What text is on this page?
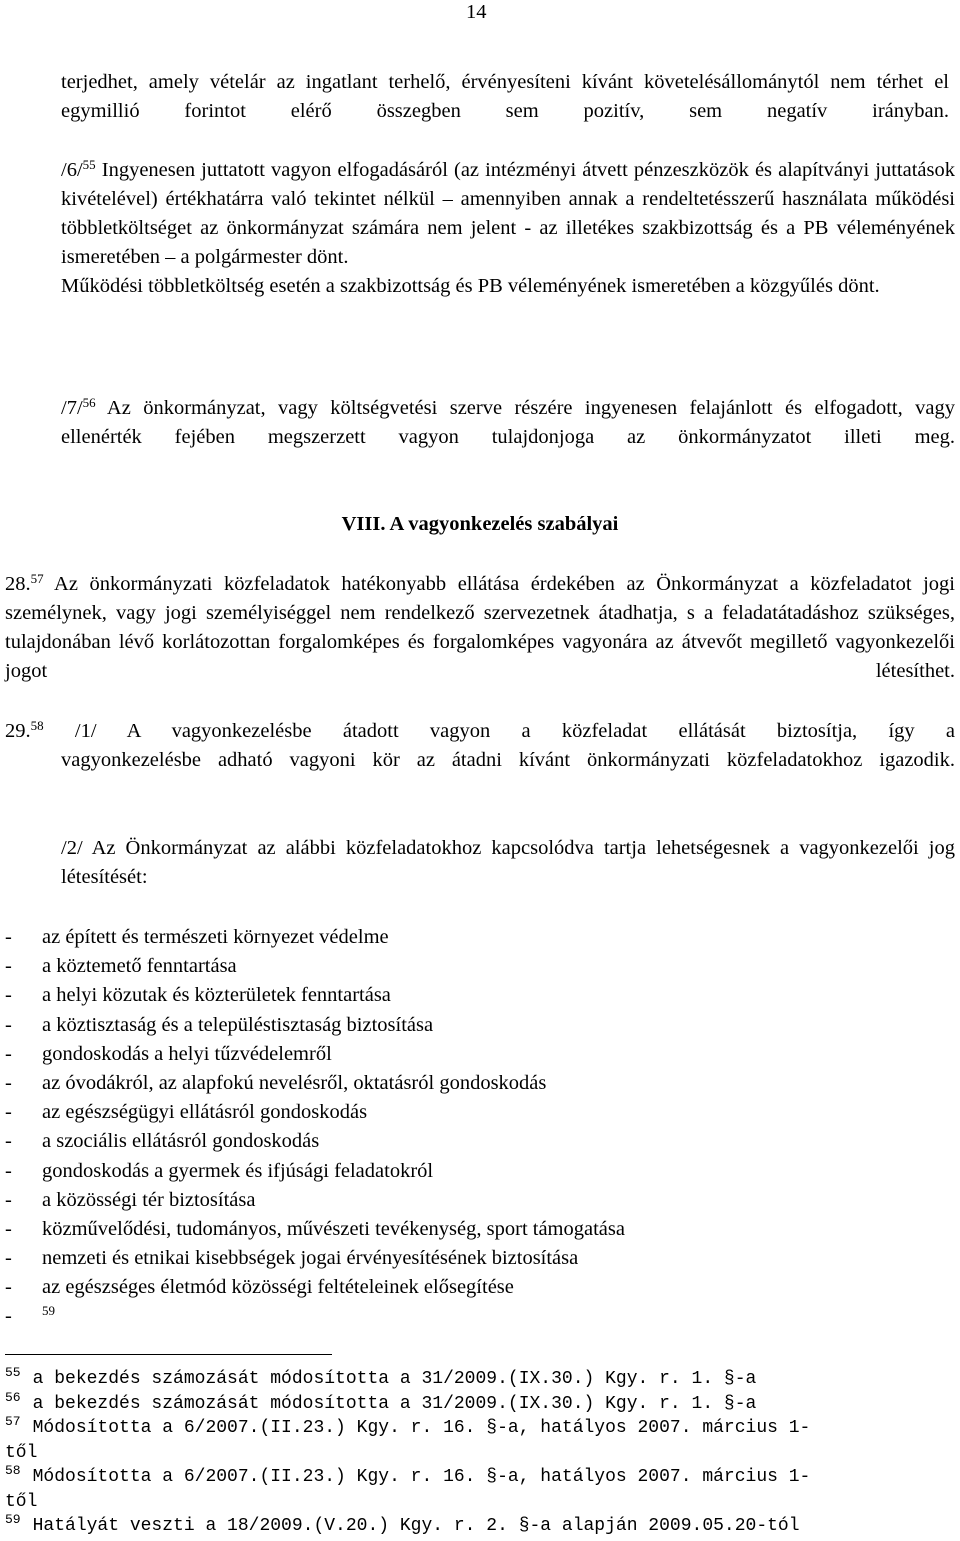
14
terjedhet, amely vételár az ingatlant terhelő, érvényesíteni kívánt követelésállománytól nem térhet el egymillió forintot elérő összegben sem pozitív, sem negatív irányban.

/6/$^{55}$ Ingyenesen juttatott vagyon elfogadásáról (az intézményi átvett pénzeszközök és alapítványi juttatások kivételével) értékhatárra való tekintet nélkül – amennyiben annak a rendeltetésszerű használata működési többletköltséget az önkormányzat számára nem jelent - az illetékes szakbizottság és a PB véleményének ismeretében – a polgármester dönt.

Működési többletköltség esetén a szakbizottság és PB véleményének ismeretében a közgyűlés dönt.

/7/$^{56}$ Az önkormányzat, vagy költségvetési szerve részére ingyenesen felajánlott és elfogadott, vagy ellenérték fejében megszerzett vagyon tulajdonjoga az önkormányzatot illeti meg.
VIII. A vagyonkezelés szabályai
28.57 Az önkormányzati közfeladatok hatékonyabb ellátása érdekében az Önkormányzat a közfeladatot jogi személynek, vagy jogi személyiséggel nem rendelkező szervezetnek átadhatja, s a feladatátadáshoz szükséges, tulajdonában lévő korlátozottan forgalomképes és forgalomképes vagyonára az átvevőt megillető vagyonkezelői jogot létesíthet.
29.58 /1/ A vagyonkezelésbe átadott vagyon a közfeladat ellátását biztosítja, így a
vagyonkezelésbe adható vagyoni kör az átadni kívánt önkormányzati közfeladatokhoz igazodik.
/2/ Az Önkormányzat az alábbi közfeladatokhoz kapcsolódva tartja lehetségesnek a vagyonkezelői jog létesítését:
- az épített és természeti környezet védelme
- a köztemető fenntartása
- a helyi közutak és közterületek fenntartása
- a köztisztaság és a településtisztaság biztosítása
- gondoskodás a helyi tűzvédelemről
- az óvodákról, az alapfokú nevelésről, oktatásról gondoskodás
- az egészségügyi ellátásról gondoskodás
- a szociális ellátásról gondoskodás
- gondoskodás a gyermek és ifjúsági feladatokról
- a közösségi tér biztosítása
- közművelődési, tudományos, művészeti tevékenység, sport támogatása
- nemzeti és etnikai kisebbségek jogai érvényesítésének biztosítása
- az egészséges életmód közösségi feltételeinek elősegítése
- $^{59}$
$^{55}$ a bekezdés számozását módosította a 31/2009.(IX.30.) Kgy. r. 1. §-a
$^{56}$ a bekezdés számozását módosította a 31/2009.(IX.30.) Kgy. r. 1. §-a
$^{57}$ Módosította a 6/2007.(II.23.) Kgy. r. 16. §-a, hatályos 2007. március 1-
től
$^{58}$ Módosította a 6/2007.(II.23.) Kgy. r. 16. §-a, hatályos 2007. március 1-
től
$^{59}$ Hatályát veszti a 18/2009.(V.20.) Kgy. r. 2. §-a alapján 2009.05.20-tól
